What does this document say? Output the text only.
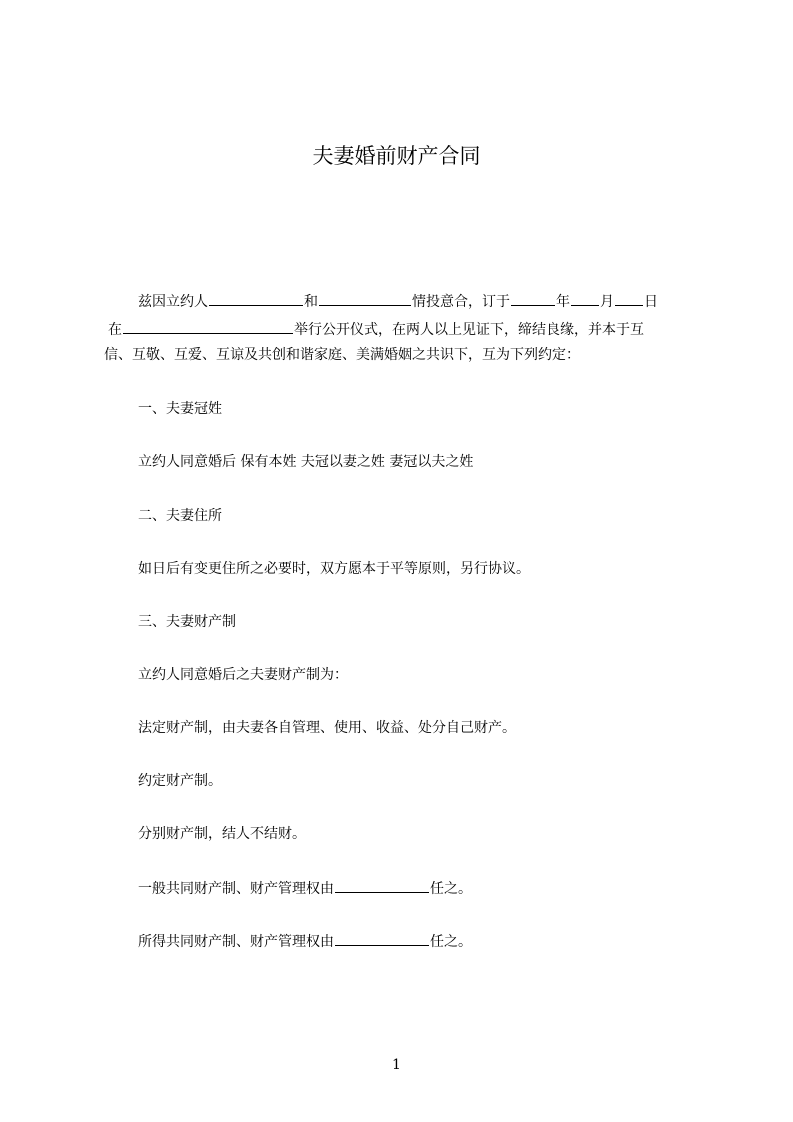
夫妻婚前财产合同
兹因立约人	和	情投意合，订于	年 月 日
在	举行公开仪式，在两人以上见证下，缔结良缘，并本于互
信、互敬、互爱、互谅及共创和谐家庭、美满婚姻之共识下，互为下列约定：
一、夫妻冠姓
立约人同意婚后 保有本姓 夫冠以妻之姓 妻冠以夫之姓
二、夫妻住所
如日后有变更住所之必要时，双方愿本于平等原则，另行协议。
三、夫妻财产制
立约人同意婚后之夫妻财产制为：
法定财产制，由夫妻各自管理、使用、收益、处分自己财产。
约定财产制。
分别财产制，结人不结财。
一般共同财产制、财产管理权由	任之。
所得共同财产制、财产管理权由	任之。
1
